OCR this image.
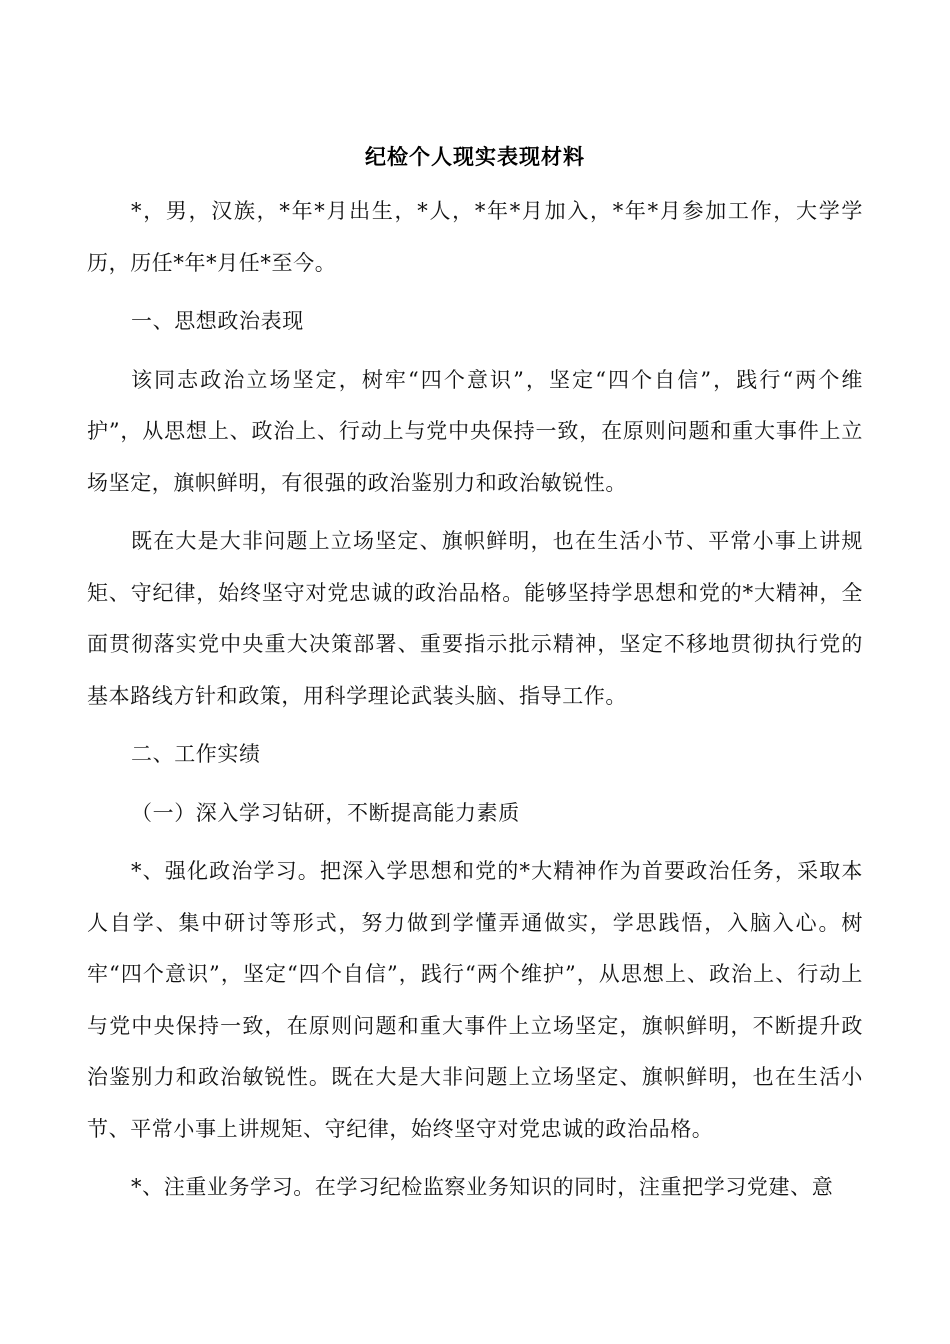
纪检个人现实表现材料

*，男，汉族，*年*月出生，*人，*年*月加入，*年*月参加工作，大学学历，历任*年*月任*至今。

一、思想政治表现

该同志政治立场坚定，树牢“四个意识”，坚定“四个自信”，践行“两个维护”，从思想上、政治上、行动上与党中央保持一致，在原则问题和重大事件上立场坚定，旗帜鲜明，有很强的政治鉴别力和政治敏锐性。

既在大是大非问题上立场坚定、旗帜鲜明，也在生活小节、平常小事上讲规矩、守纪律，始终坚守对党忠诚的政治品格。能够坚持学思想和党的*大精神，全面贯彻落实党中央重大决策部署、重要指示批示精神，坚定不移地贯彻执行党的基本路线方针和政策，用科学理论武装头脑、指导工作。

二、工作实绩

（一）深入学习钻研，不断提高能力素质

*、强化政治学习。把深入学思想和党的*大精神作为首要政治任务，采取本人自学、集中研讨等形式，努力做到学懂弄通做实，学思践悟，入脑入心。树牢“四个意识”，坚定“四个自信”，践行“两个维护”，从思想上、政治上、行动上与党中央保持一致，在原则问题和重大事件上立场坚定，旗帜鲜明，不断提升政治鉴别力和政治敏锐性。既在大是大非问题上立场坚定、旗帜鲜明，也在生活小节、平常小事上讲规矩、守纪律，始终坚守对党忠诚的政治品格。

*、注重业务学习。在学习纪检监察业务知识的同时，注重把学习党建、意
